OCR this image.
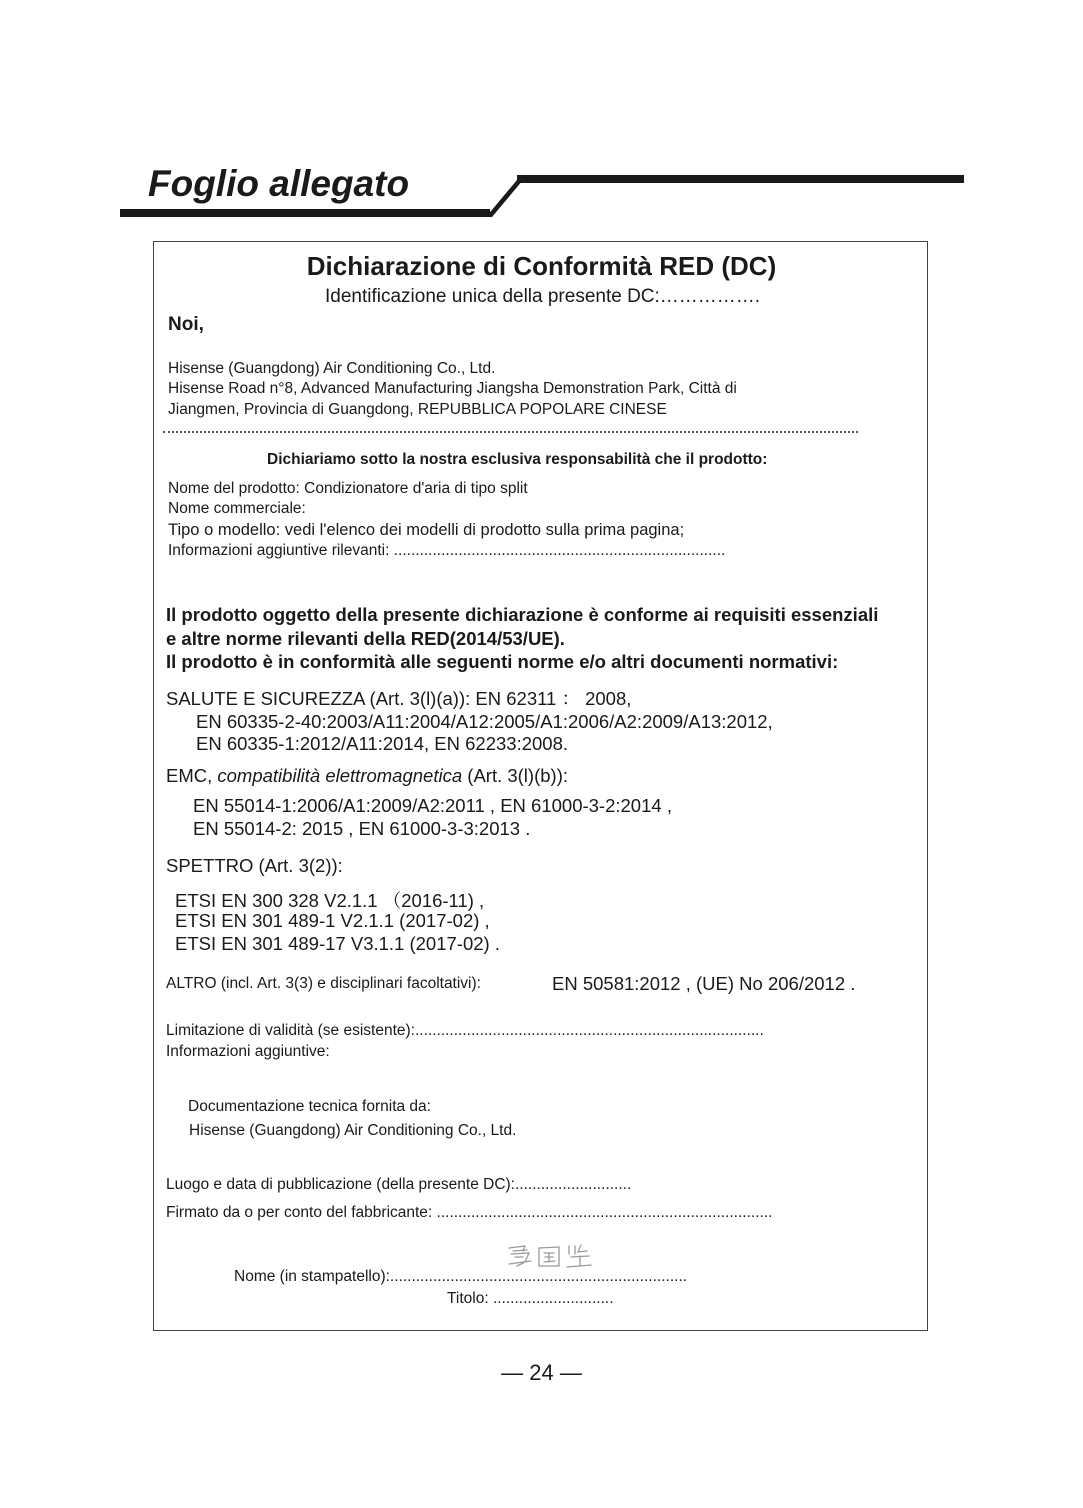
Foglio allegato
Dichiarazione di Conformità RED (DC)
Identificazione unica della presente DC:…………….
Noi,
Hisense (Guangdong) Air Conditioning Co., Ltd.
Hisense Road n°8, Advanced Manufacturing Jiangsha Demonstration Park, Città di
Jiangmen, Provincia di Guangdong, REPUBBLICA POPOLARE CINESE
Dichiariamo sotto la nostra esclusiva responsabilità che il prodotto:
Nome del prodotto: Condizionatore d'aria di tipo split
Nome commerciale:
Tipo o modello: vedi l'elenco dei modelli di prodotto sulla prima pagina;
Informazioni aggiuntive rilevanti: .............................................................................
Il prodotto oggetto della presente dichiarazione è conforme ai requisiti essenziali
e altre norme rilevanti della RED(2014/53/UE).
Il prodotto è in conformità alle seguenti norme e/o altri documenti normativi:
SALUTE E SICUREZZA (Art. 3(l)(a)): EN 62311 ： 2008,
EN 60335-2-40:2003/A11:2004/A12:2005/A1:2006/A2:2009/A13:2012,
EN 60335-1:2012/A11:2014, EN 62233:2008.
EMC, compatibilità elettromagnetica (Art. 3(l)(b)):
EN 55014-1:2006/A1:2009/A2:2011 , EN 61000-3-2:2014 ,
EN 55014-2: 2015 , EN 61000-3-3:2013 .
SPETTRO (Art. 3(2)):
ETSI EN 300 328 V2.1.1 （2016-11) ,
ETSI EN 301 489-1 V2.1.1 (2017-02) ,
ETSI EN 301 489-17 V3.1.1 (2017-02) .
ALTRO (incl. Art. 3(3) e disciplinari facoltativi):	EN 50581:2012 , (UE) No 206/2012 .
Limitazione di validità (se esistente):.................................................................................
Informazioni aggiuntive:
Documentazione tecnica fornita da:
Hisense (Guangdong) Air Conditioning Co., Ltd.
Luogo e data di pubblicazione (della presente DC):...........................
Firmato da o per conto del fabbricante: ..............................................................................
Nome (in stampatello):.....................................................................
Titolo: ............................
— 24 —
